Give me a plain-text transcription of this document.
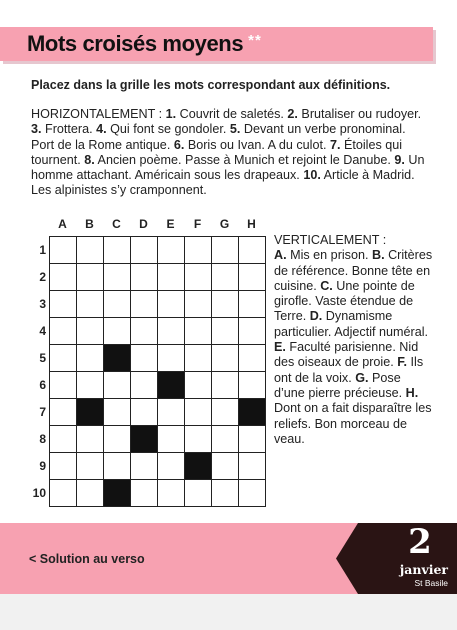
Mots croisés moyens **
Placez dans la grille les mots correspondant aux définitions.
HORIZONTALEMENT : 1. Couvrit de saletés. 2. Brutaliser ou rudoyer. 3. Frottera. 4. Qui font se gondoler. 5. Devant un verbe pronominal. Port de la Rome antique. 6. Boris ou Ivan. A du culot. 7. Étoiles qui tournent. 8. Ancien poème. Passe à Munich et rejoint le Danube. 9. Un homme attachant. Américain sous les drapeaux. 10. Article à Madrid. Les alpinistes s’y cramponnent.
A	B	C	D	E	F	G	H
1
2
3
4
5
6
7
8
9
10
VERTICALEMENT :
A. Mis en prison. B. Critères de référence. Bonne tête en cuisine. C. Une pointe de girofle. Vaste étendue de Terre. D. Dynamisme particulier. Adjectif numéral. E. Faculté parisienne. Nid des oiseaux de proie. F. Ils ont de la voix. G. Pose d’une pierre précieuse. H. Dont on a fait disparaître les reliefs. Bon morceau de veau.
< Solution au verso	2
janvier
St Basile
